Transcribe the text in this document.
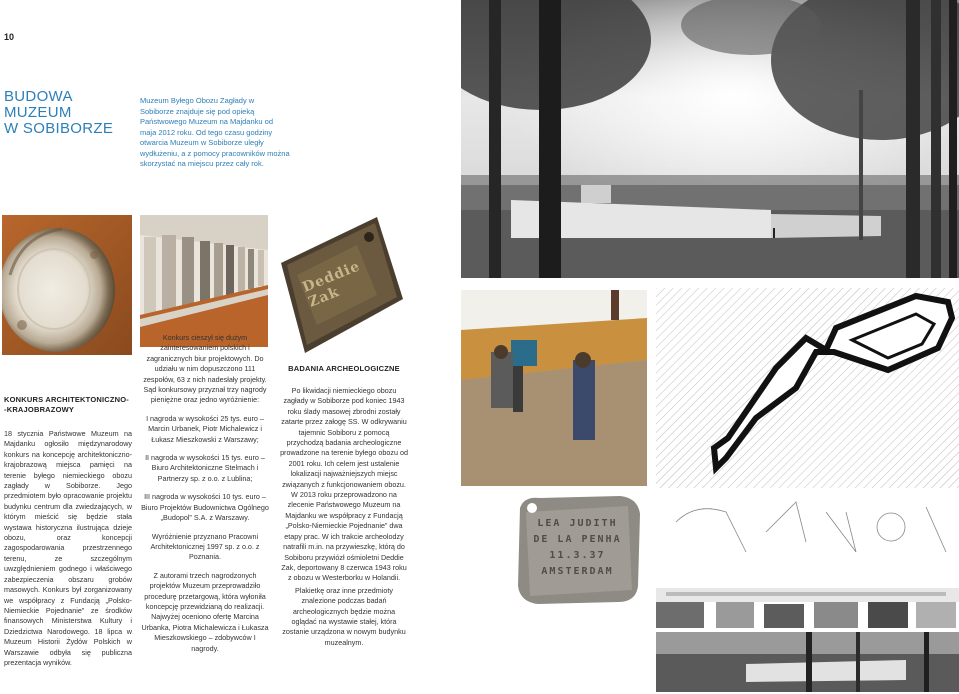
10
BUDOWA
MUZEUM
W SOBIBORZE
Muzeum Byłego Obozu Zagłady w Sobiborze znajduje się pod opieką Państwowego Muzeum na Majdanku od maja 2012 roku. Od tego czasu godziny otwarcia Muzeum w Sobiborze uległy wydłużeniu, a z pomocy pracowników można skorzystać na miejscu przez cały rok.
Deddie Zak
LEA JUDITH
DE LA PENHA
11.3.37
AMSTERDAM
KONKURS ARCHITEKTONICZNO-
-KRAJOBRAZOWY
18 stycznia Państwowe Muzeum na Majdanku ogłosiło międzynarodowy konkurs na koncepcję architektoniczno-krajobrazową miejsca pamięci na terenie byłego niemieckiego obozu zagłady w Sobiborze. Jego przedmiotem było opracowanie projektu budynku centrum dla zwiedzających, w którym mieścić się będzie stała wystawa historyczna ilustrująca dzieje obozu, oraz koncepcji zagospodarowania przestrzennego terenu, ze szczególnym uwzględnieniem godnego i właściwego zabezpieczenia obszaru grobów masowych. Konkurs był zorganizowany we współpracy z Fundacją „Polsko-Niemieckie Pojednanie” ze środków finansowych Ministerstwa Kultury i Dziedzictwa Narodowego. 18 lipca w Muzeum Historii Żydów Polskich w Warszawie odbyła się publiczna prezentacja wyników.

Konkurs cieszył się dużym zainteresowaniem polskich i zagranicznych biur projektowych. Do udziału w nim dopuszczono 111 zespołów, 63 z nich nadesłały projekty. Sąd konkursowy przyznał trzy nagrody pieniężne oraz jedno wyróżnienie:

I nagroda w wysokości 25 tys. euro – Marcin Urbanek, Piotr Michalewicz i Łukasz Mieszkowski z Warszawy;

II nagroda w wysokości 15 tys. euro – Biuro Architektoniczne Stelmach i Partnerzy sp. z o.o. z Lublina;

III nagroda w wysokości 10 tys. euro – Biuro Projektów Budownictwa Ogólnego „Budopol” S.A. z Warszawy.

Wyróżnienie przyznano Pracowni Architektonicznej 1997 sp. z o.o. z Poznania.

Z autorami trzech nagrodzonych projektów Muzeum przeprowadziło procedurę przetargową, która wyłoniła koncepcję przewidzianą do realizacji. Najwyżej oceniono ofertę Marcina Urbanka, Piotra Michalewicza i Łukasza Mieszkowskiego – zdobywców I nagrody.

BADANIA ARCHEOLOGICZNE

Po likwidacji niemieckiego obozu zagłady w Sobiborze pod koniec 1943 roku ślady masowej zbrodni zostały zatarte przez załogę SS. W odkrywaniu tajemnic Sobiboru z pomocą przychodzą badania archeologiczne prowadzone na terenie byłego obozu od 2001 roku. Ich celem jest ustalenie lokalizacji najważniejszych miejsc związanych z funkcjonowaniem obozu. W 2013 roku przeprowadzono na zlecenie Państwowego Muzeum na Majdanku we współpracy z Fundacją „Polsko-Niemieckie Pojednanie” dwa etapy prac. W ich trakcie archeolodzy natrafili m.in. na przywieszkę, którą do Sobiboru przywiózł ośmioletni Deddie Zak, deportowany 8 czerwca 1943 roku z obozu w Westerborku w Holandii.

Plakietkę oraz inne przedmioty znalezione podczas badań archeologicznych będzie można oglądać na wystawie stałej, która zostanie urządzona w nowym budynku muzealnym.
